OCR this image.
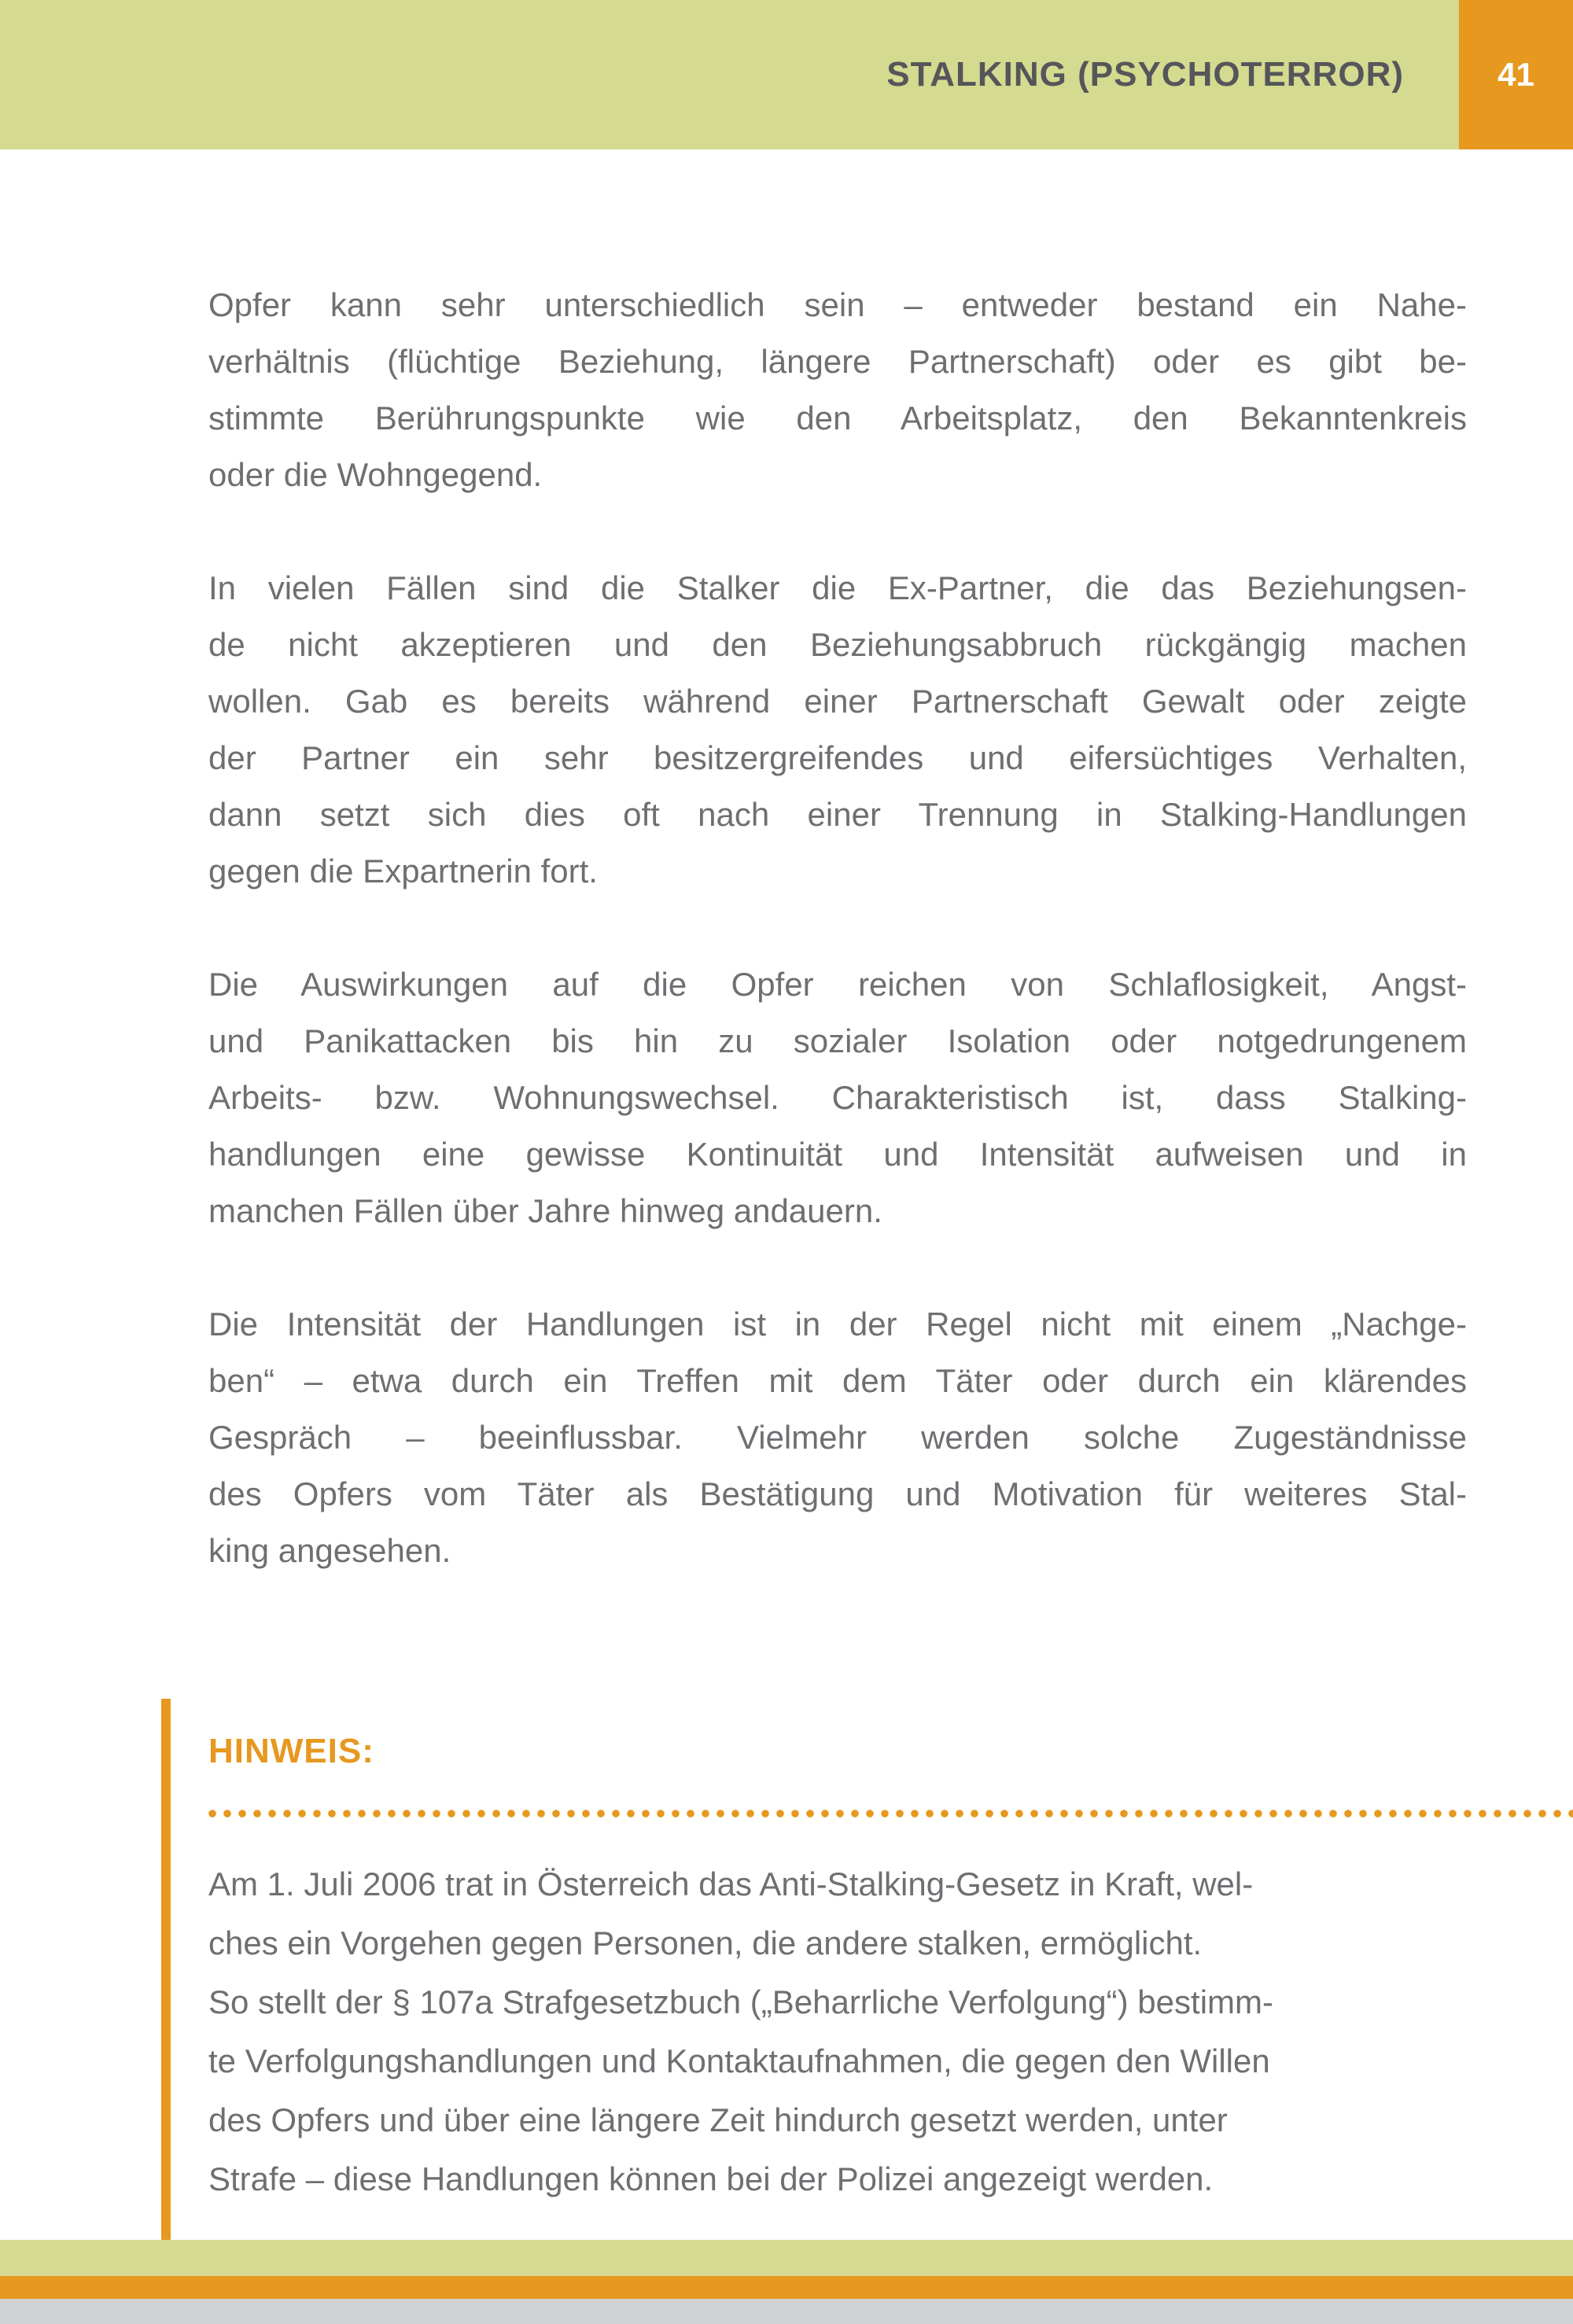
STALKING (PSYCHOTERROR)	41
Opfer kann sehr unterschiedlich sein – entweder bestand ein Nahe-
verhältnis (flüchtige Beziehung, längere Partnerschaft) oder es gibt be-
stimmte Berührungspunkte wie den Arbeitsplatz, den Bekanntenkreis
oder die Wohngegend.
In vielen Fällen sind die Stalker die Ex-Partner, die das Beziehungsen-
de nicht akzeptieren und den Beziehungsabbruch rückgängig machen
wollen. Gab es bereits während einer Partnerschaft Gewalt oder zeigte
der Partner ein sehr besitzergreifendes und eifersüchtiges Verhalten,
dann setzt sich dies oft nach einer Trennung in Stalking-Handlungen
gegen die Expartnerin fort.
Die Auswirkungen auf die Opfer reichen von Schlaflosigkeit, Angst-
und Panikattacken bis hin zu sozialer Isolation oder notgedrungenem
Arbeits- bzw. Wohnungswechsel. Charakteristisch ist, dass Stalking-
handlungen eine gewisse Kontinuität und Intensität aufweisen und in
manchen Fällen über Jahre hinweg andauern.
Die Intensität der Handlungen ist in der Regel nicht mit einem „Nachge-
ben“ – etwa durch ein Treffen mit dem Täter oder durch ein klärendes
Gespräch – beeinflussbar. Vielmehr werden solche Zugeständnisse
des Opfers vom Täter als Bestätigung und Motivation für weiteres Stal-
king angesehen.
HINWEIS:
Am 1. Juli 2006 trat in Österreich das Anti-Stalking-Gesetz in Kraft, wel-
ches ein Vorgehen gegen Personen, die andere stalken, ermöglicht.
So stellt der § 107a Strafgesetzbuch („Beharrliche Verfolgung“) bestimm-
te Verfolgungshandlungen und Kontaktaufnahmen, die gegen den Willen
des Opfers und über eine längere Zeit hindurch gesetzt werden, unter
Strafe – diese Handlungen können bei der Polizei angezeigt werden.
